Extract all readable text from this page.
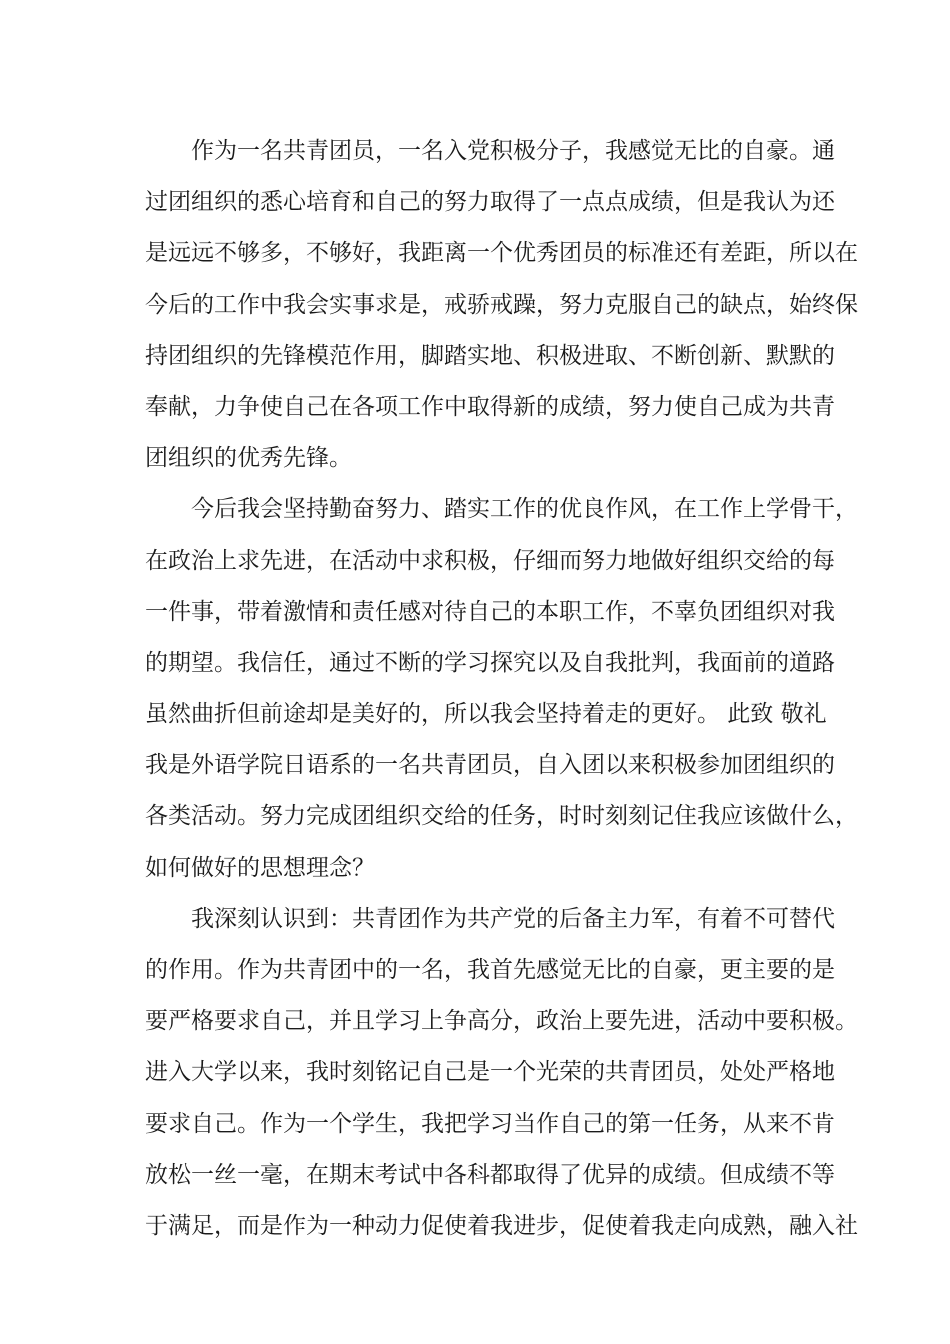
作为一名共青团员，一名入党积极分子，我感觉无比的自豪。通
过团组织的悉心培育和自己的努力取得了一点点成绩，但是我认为还
是远远不够多，不够好，我距离一个优秀团员的标准还有差距，所以在
今后的工作中我会实事求是，戒骄戒躁，努力克服自己的缺点，始终保
持团组织的先锋模范作用，脚踏实地、积极进取、不断创新、默默的
奉献，力争使自己在各项工作中取得新的成绩，努力使自己成为共青
团组织的优秀先锋。
今后我会坚持勤奋努力、踏实工作的优良作风，在工作上学骨干，
在政治上求先进，在活动中求积极，仔细而努力地做好组织交给的每
一件事，带着激情和责任感对待自己的本职工作，不辜负团组织对我
的期望。我信任，通过不断的学习探究以及自我批判，我面前的道路
虽然曲折但前途却是美好的，所以我会坚持着走的更好。 此致 敬礼
我是外语学院日语系的一名共青团员，自入团以来积极参加团组织的
各类活动。努力完成团组织交给的任务，时时刻刻记住我应该做什么，
如何做好的思想理念？
我深刻认识到：共青团作为共产党的后备主力军，有着不可替代
的作用。作为共青团中的一名，我首先感觉无比的自豪，更主要的是
要严格要求自己，并且学习上争高分，政治上要先进，活动中要积极。
进入大学以来，我时刻铭记自己是一个光荣的共青团员，处处严格地
要求自己。作为一个学生，我把学习当作自己的第一任务，从来不肯
放松一丝一毫，在期末考试中各科都取得了优异的成绩。但成绩不等
于满足，而是作为一种动力促使着我进步，促使着我走向成熟，融入社
